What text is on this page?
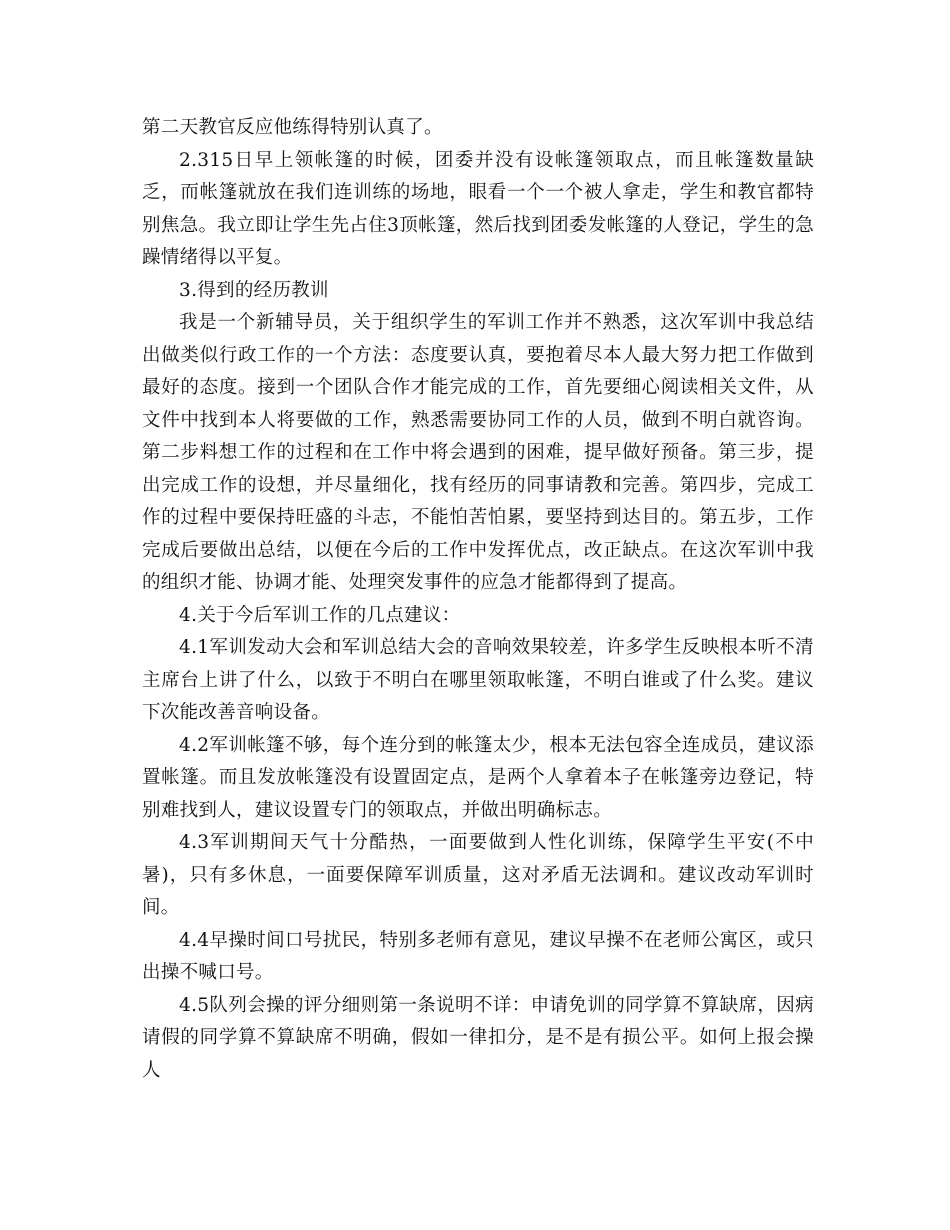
第二天教官反应他练得特别认真了。

2.315日早上领帐篷的时候，团委并没有设帐篷领取点，而且帐篷数量缺乏，而帐篷就放在我们连训练的场地，眼看一个一个被人拿走，学生和教官都特别焦急。我立即让学生先占住3顶帐篷，然后找到团委发帐篷的人登记，学生的急躁情绪得以平复。

3.得到的经历教训

我是一个新辅导员，关于组织学生的军训工作并不熟悉，这次军训中我总结出做类似行政工作的一个方法：态度要认真，要抱着尽本人最大努力把工作做到最好的态度。接到一个团队合作才能完成的工作，首先要细心阅读相关文件，从文件中找到本人将要做的工作，熟悉需要协同工作的人员，做到不明白就咨询。第二步料想工作的过程和在工作中将会遇到的困难，提早做好预备。第三步，提出完成工作的设想，并尽量细化，找有经历的同事请教和完善。第四步，完成工作的过程中要保持旺盛的斗志，不能怕苦怕累，要坚持到达目的。第五步，工作完成后要做出总结，以便在今后的工作中发挥优点，改正缺点。在这次军训中我的组织才能、协调才能、处理突发事件的应急才能都得到了提高。

4.关于今后军训工作的几点建议：

4.1军训发动大会和军训总结大会的音响效果较差，许多学生反映根本听不清主席台上讲了什么，以致于不明白在哪里领取帐篷，不明白谁或了什么奖。建议下次能改善音响设备。

4.2军训帐篷不够，每个连分到的帐篷太少，根本无法包容全连成员，建议添置帐篷。而且发放帐篷没有设置固定点，是两个人拿着本子在帐篷旁边登记，特别难找到人，建议设置专门的领取点，并做出明确标志。

4.3军训期间天气十分酷热，一面要做到人性化训练，保障学生平安(不中暑)，只有多休息，一面要保障军训质量，这对矛盾无法调和。建议改动军训时间。

4.4早操时间口号扰民，特别多老师有意见，建议早操不在老师公寓区，或只出操不喊口号。

4.5队列会操的评分细则第一条说明不详：申请免训的同学算不算缺席，因病请假的同学算不算缺席不明确，假如一律扣分，是不是有损公平。如何上报会操人
